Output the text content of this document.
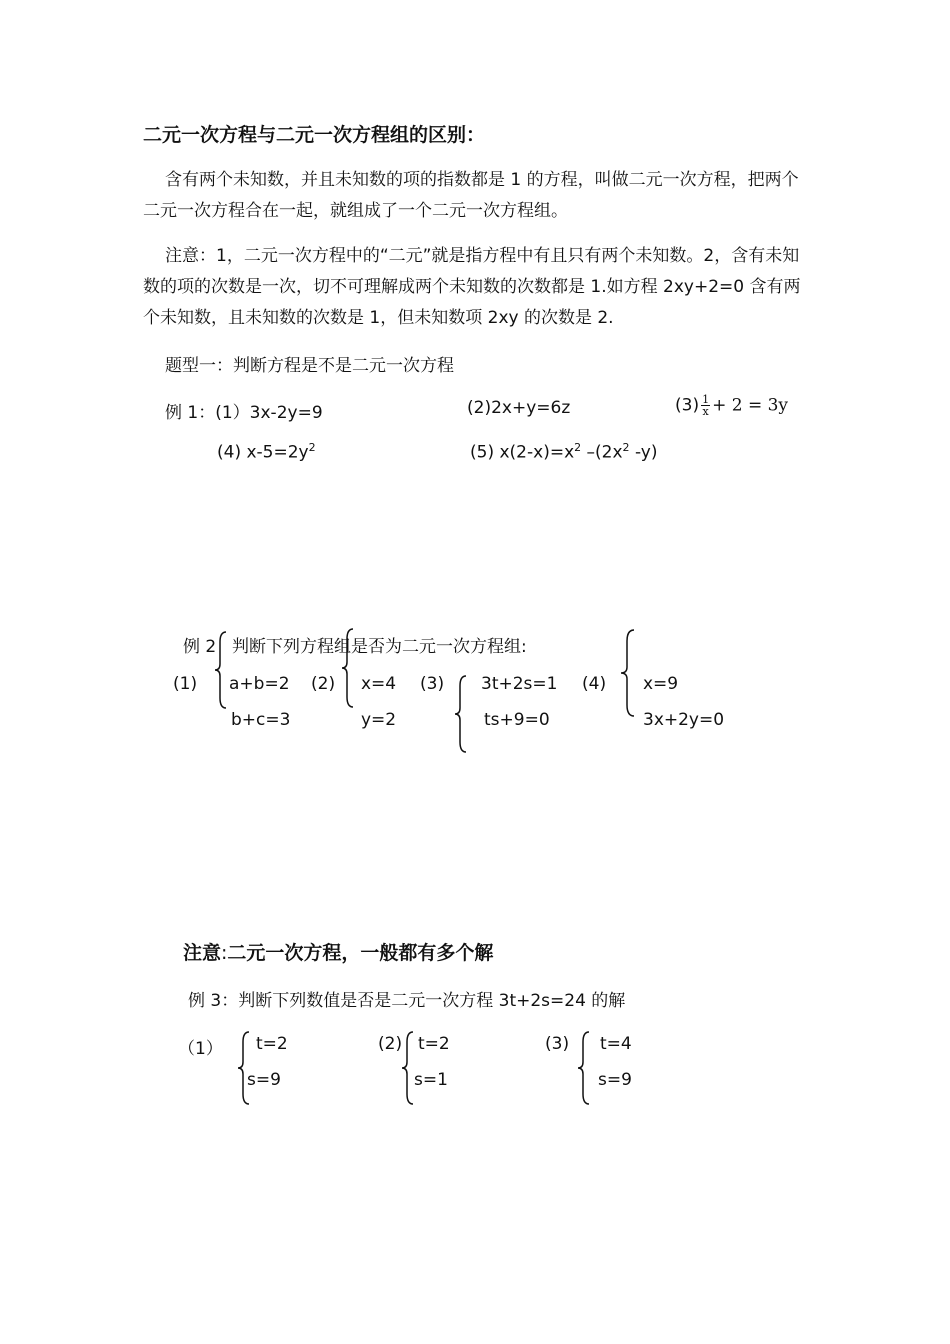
二元一次方程与二元一次方程组的区别：
含有两个未知数，并且未知数的项的指数都是 1 的方程，叫做二元一次方程，把两个二元一次方程合在一起，就组成了一个二元一次方程组。
注意：1，二元一次方程中的“二元”就是指方程中有且只有两个未知数。2，含有未知数的项的次数是一次，切不可理解成两个未知数的次数都是 1.如方程 2xy+2=0 含有两个未知数，且未知数的次数是 1，但未知数项 2xy 的次数是 2.
题型一：判断方程是不是二元一次方程
例 1：(1）3x-2y=9	(2)2x+y=6z	$(3) \frac{1}{x} + 2 = 3y$
(4) $x-5=2y^2$	(5) $x(2-x)=x^2$ $-(2x^2$ -y)
例 2 判断下列方程组是否为二元一次方程组:
(1) a+b=2
b+c=3
(2) x=4
y=2
(3) 3t+2s=1
ts+9=0
(4) x=9
3x+2y=0
注意:二元一次方程，一般都有多个解
例 3：判断下列数值是否是二元一次方程 3t+2s=24 的解
（1） t=2
s=9
(2) t=2
s=1
(3) t=4
s=9
